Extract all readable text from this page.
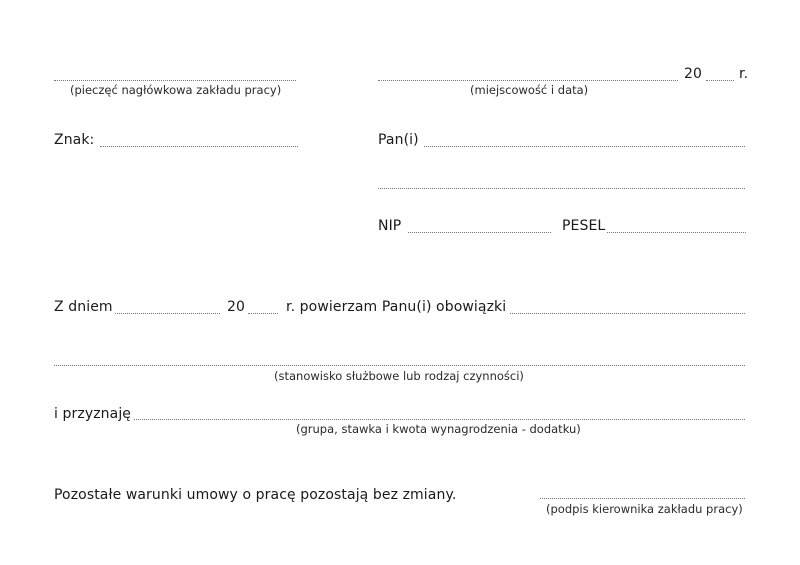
(pieczęć nagłówkowa zakładu pracy)
20	r.
(miejscowość i data)
Znak:	Pan(i)
NIP	PESEL
Z dniem	20	r. powierzam Panu(i) obowiązki
(stanowisko służbowe lub rodzaj czynności)
i przyznaję
(grupa, stawka i kwota wynagrodzenia - dodatku)
Pozostałe warunki umowy o pracę pozostają bez zmiany.
(podpis kierownika zakładu pracy)
